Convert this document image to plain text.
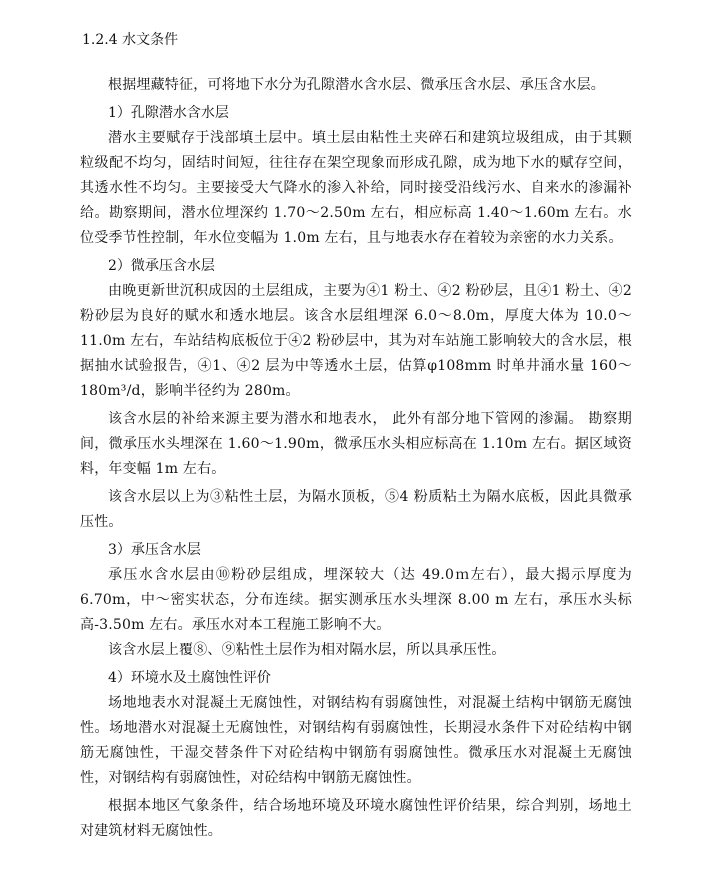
1.2.4 水文条件

根据埋藏特征，可将地下水分为孔隙潜水含水层、微承压含水层、承压含水层。

1）孔隙潜水含水层

潜水主要赋存于浅部填土层中。填土层由粘性土夹碎石和建筑垃圾组成，由于其颗粒级配不均匀，固结时间短，往往存在架空现象而形成孔隙，成为地下水的赋存空间，其透水性不均匀。主要接受大气降水的渗入补给，同时接受沿线污水、自来水的渗漏补给。勘察期间，潜水位埋深约 1.70～2.50m 左右，相应标高 1.40～1.60m 左右。水位受季节性控制，年水位变幅为 1.0m 左右，且与地表水存在着较为亲密的水力关系。

2）微承压含水层

由晚更新世沉积成因的土层组成，主要为④1 粉土、④2 粉砂层，且④1 粉土、④2 粉砂层为良好的赋水和透水地层。该含水层组埋深 6.0～8.0m，厚度大体为 10.0～11.0m 左右，车站结构底板位于④2 粉砂层中，其为对车站施工影响较大的含水层，根据抽水试验报告，④1、④2 层为中等透水土层，估算φ108mm 时单井涌水量 160～180m³/d，影响半径约为 280m。

该含水层的补给来源主要为潜水和地表水， 此外有部分地下管网的渗漏。 勘察期间，微承压水头埋深在 1.60～1.90m，微承压水头相应标高在 1.10m 左右。据区域资料，年变幅 1m 左右。

该含水层以上为③粘性土层，为隔水顶板，⑤4 粉质粘土为隔水底板，因此具微承压性。

3）承压含水层

承压水含水层由⑩粉砂层组成，埋深较大（达 49.0ｍ左右），最大揭示厚度为 6.70m，中～密实状态，分布连续。据实测承压水头埋深 8.00 m 左右，承压水头标高-3.50m 左右。承压水对本工程施工影响不大。

该含水层上覆⑧、⑨粘性土层作为相对隔水层，所以具承压性。

4）环境水及土腐蚀性评价

场地地表水对混凝土无腐蚀性，对钢结构有弱腐蚀性，对混凝土结构中钢筋无腐蚀性。场地潜水对混凝土无腐蚀性，对钢结构有弱腐蚀性，长期浸水条件下对砼结构中钢筋无腐蚀性，干湿交替条件下对砼结构中钢筋有弱腐蚀性。微承压水对混凝土无腐蚀性，对钢结构有弱腐蚀性，对砼结构中钢筋无腐蚀性。

根据本地区气象条件，结合场地环境及环境水腐蚀性评价结果，综合判别，场地土对建筑材料无腐蚀性。
